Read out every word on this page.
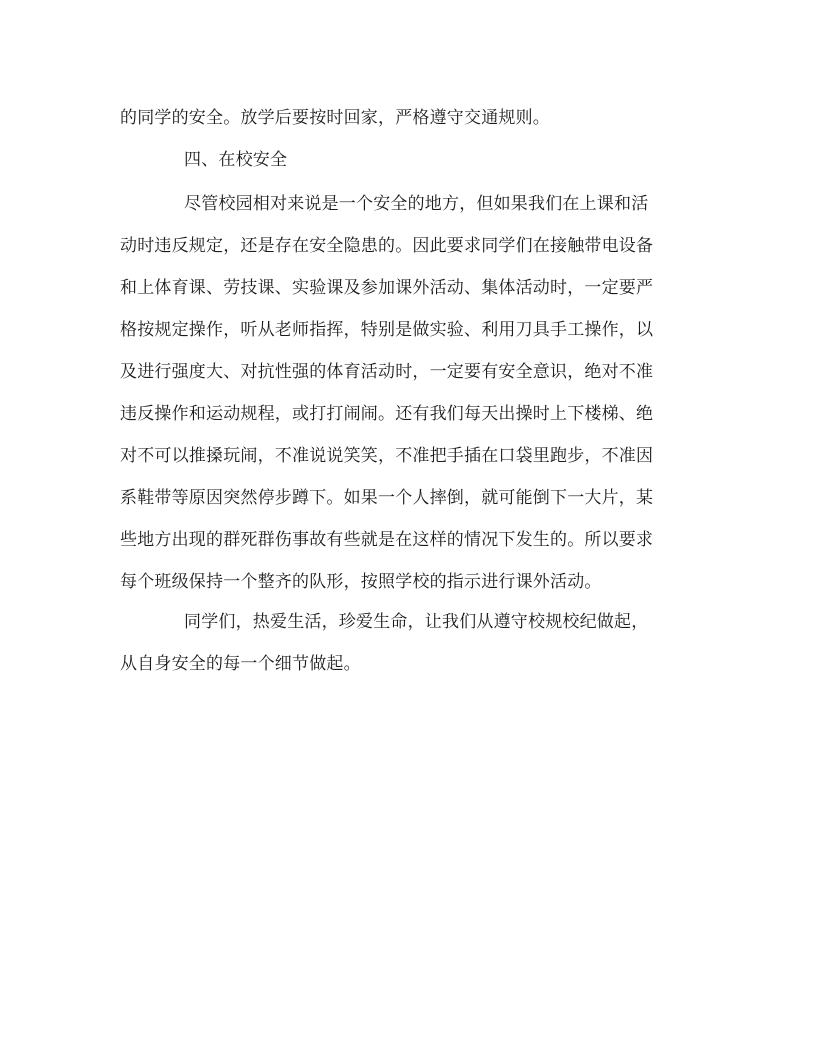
的同学的安全。放学后要按时回家，严格遵守交通规则。
四、在校安全
尽管校园相对来说是一个安全的地方，但如果我们在上课和活
动时违反规定，还是存在安全隐患的。因此要求同学们在接触带电设备
和上体育课、劳技课、实验课及参加课外活动、集体活动时，一定要严
格按规定操作，听从老师指挥，特别是做实验、利用刀具手工操作，以
及进行强度大、对抗性强的体育活动时，一定要有安全意识，绝对不准
违反操作和运动规程，或打打闹闹。还有我们每天出操时上下楼梯、绝
对不可以推搡玩闹，不准说说笑笑，不准把手插在口袋里跑步，不准因
系鞋带等原因突然停步蹲下。如果一个人摔倒，就可能倒下一大片，某
些地方出现的群死群伤事故有些就是在这样的情况下发生的。所以要求
每个班级保持一个整齐的队形，按照学校的指示进行课外活动。
同学们，热爱生活，珍爱生命，让我们从遵守校规校纪做起，
从自身安全的每一个细节做起。
